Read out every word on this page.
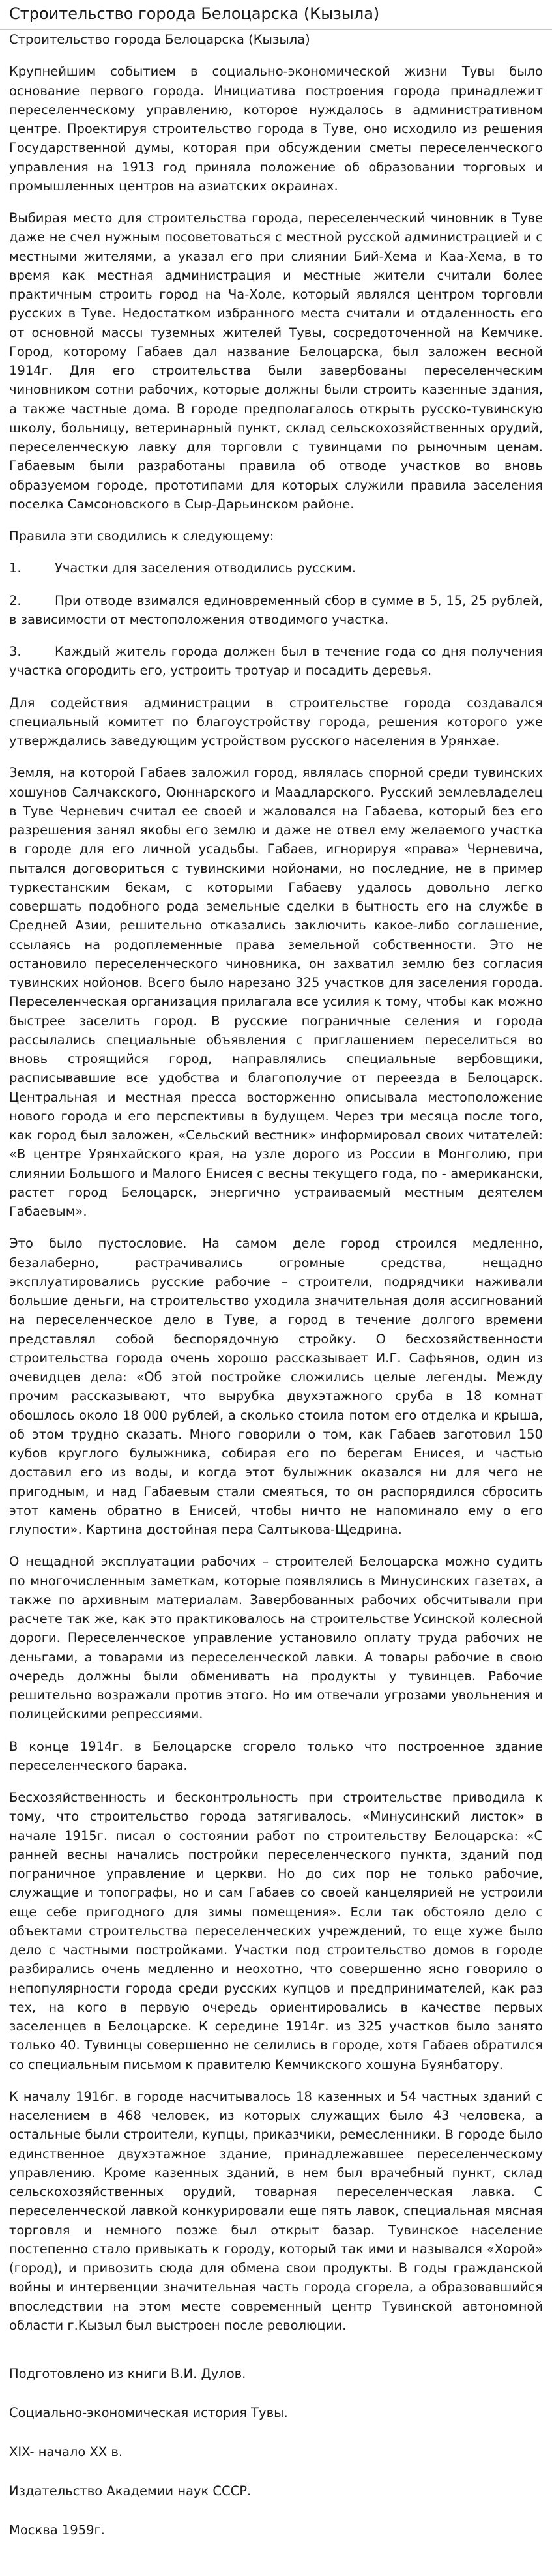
Строительство города Белоцарска (Кызыла)

Строительство города Белоцарска (Кызыла)

Крупнейшим событием в социально-экономической жизни Тувы было основание первого города. Инициатива построения города принадлежит переселенческому управлению, которое нуждалось в административном центре. Проектируя строительство города в Туве, оно исходило из решения Государственной думы, которая при обсуждении сметы переселенческого управления на 1913 год приняла положение об образовании торговых и промышленных центров на азиатских окраинах.

Выбирая место для строительства города, переселенческий чиновник в Туве даже не счел нужным посоветоваться с местной русской администрацией и с местными жителями, а указал его при слиянии Бий-Хема и Каа-Хема, в то время как местная администрация и местные жители считали более практичным строить город на Ча-Холе, который являлся центром торговли русских в Туве. Недостатком избранного места считали и отдаленность его от основной массы туземных жителей Тувы, сосредоточенной на Кемчике. Город, которому Габаев дал название Белоцарска, был заложен весной 1914г. Для его строительства были завербованы переселенческим чиновником сотни рабочих, которые должны были строить казенные здания, а также частные дома. В городе предполагалось открыть русско-тувинскую школу, больницу, ветеринарный пункт, склад сельскохозяйственных орудий, переселенческую лавку для торговли с тувинцами по рыночным ценам. Габаевым были разработаны правила об отводе участков во вновь образуемом городе, прототипами для которых служили правила заселения поселка Самсоновского в Сыр-Дарьинском районе.

Правила эти сводились к следующему:

1.	Участки для заселения отводились русским.
2.	При отводе взимался единовременный сбор в сумме в 5, 15, 25 рублей, в зависимости от местоположения отводимого участка.
3.	Каждый житель города должен был в течение года со дня получения участка огородить его, устроить тротуар и посадить деревья.

Для содействия администрации в строительстве города создавался специальный комитет по благоустройству города, решения которого уже утверждались заведующим устройством русского населения в Урянхае.

Земля, на которой Габаев заложил город, являлась спорной среди тувинских хошунов Салчакского, Оюннарского и Маадларского. Русский землевладелец в Туве Черневич считал ее своей и жаловался на Габаева, который без его разрешения занял якобы его землю и даже не отвел ему желаемого участка в городе для его личной усадьбы. Габаев, игнорируя «права» Черневича, пытался договориться с тувинскими нойонами, но последние, не в пример туркестанским бекам, с которыми Габаеву удалось довольно легко совершать подобного рода земельные сделки в бытность его на службе в Средней Азии, решительно отказались заключить какое-либо соглашение, ссылаясь на родоплеменные права земельной собственности. Это не остановило переселенческого чиновника, он захватил землю без согласия тувинских нойонов. Всего было нарезано 325 участков для заселения города. Переселенческая организация прилагала все усилия к тому, чтобы как можно быстрее заселить город. В русские пограничные селения и города рассылались специальные объявления с приглашением переселиться во вновь строящийся город, направлялись специальные вербовщики, расписывавшие все удобства и благополучие от переезда в Белоцарск. Центральная и местная пресса восторженно описывала местоположение нового города и его перспективы в будущем. Через три месяца после того, как город был заложен, «Сельский вестник» информировал своих читателей: «В центре Урянхайского края, на узле дорого из России в Монголию, при слиянии Большого и Малого Енисея с весны текущего года, по - американски, растет город Белоцарск, энергично устраиваемый местным деятелем Габаевым».

Это было пустословие. На самом деле город строился медленно, безалаберно, растрачивались огромные средства, нещадно эксплуатировались русские рабочие – строители, подрядчики наживали большие деньги, на строительство уходила значительная доля ассигнований на переселенческое дело в Туве, а город в течение долгого времени представлял собой беспорядочную стройку. О бесхозяйственности строительства города очень хорошо рассказывает И.Г. Сафьянов, один из очевидцев дела: «Об этой постройке сложились целые легенды. Между прочим рассказывают, что вырубка двухэтажного сруба в 18 комнат обошлось около 18 000 рублей, а сколько стоила потом его отделка и крыша, об этом трудно сказать. Много говорили о том, как Габаев заготовил 150 кубов круглого булыжника, собирая его по берегам Енисея, и частью доставил его из воды, и когда этот булыжник оказался ни для чего не пригодным, и над Габаевым стали смеяться, то он распорядился сбросить этот камень обратно в Енисей, чтобы ничто не напоминало ему о его глупости». Картина достойная пера Салтыкова-Щедрина.

О нещадной эксплуатации рабочих – строителей Белоцарска можно судить по многочисленным заметкам, которые появлялись в Минусинских газетах, а также по архивным материалам. Завербованных рабочих обсчитывали при расчете так же, как это практиковалось на строительстве Усинской колесной дороги. Переселенческое управление установило оплату труда рабочих не деньгами, а товарами из переселенческой лавки. А товары рабочие в свою очередь должны были обменивать на продукты у тувинцев. Рабочие решительно возражали против этого. Но им отвечали угрозами увольнения и полицейскими репрессиями.

В конце 1914г. в Белоцарске сгорело только что построенное здание переселенческого барака.

Бесхозяйственность и бесконтрольность при строительстве приводила к тому, что строительство города затягивалось. «Минусинский листок» в начале 1915г. писал о состоянии работ по строительству Белоцарска: «С ранней весны начались постройки переселенческого пункта, зданий под пограничное управление и церкви. Но до сих пор не только рабочие, служащие и топографы, но и сам Габаев со своей канцелярией не устроили еще себе пригодного для зимы помещения». Если так обстояло дело с объектами строительства переселенческих учреждений, то еще хуже было дело с частными постройками. Участки под строительство домов в городе разбирались очень медленно и неохотно, что совершенно ясно говорило о непопулярности города среди русских купцов и предпринимателей, как раз тех, на кого в первую очередь ориентировались в качестве первых заселенцев в Белоцарске. К середине 1914г. из 325 участков было занято только 40. Тувинцы совершенно не селились в городе, хотя Габаев обратился со специальным письмом к правителю Кемчикского хошуна Буянбатору.

К началу 1916г. в городе насчитывалось 18 казенных и 54 частных зданий с населением в 468 человек, из которых служащих было 43 человека, а остальные были строители, купцы, приказчики, ремесленники. В городе было единственное двухэтажное здание, принадлежавшее переселенческому управлению. Кроме казенных зданий, в нем был врачебный пункт, склад сельскохозяйственных орудий, товарная переселенческая лавка. С переселенческой лавкой конкурировали еще пять лавок, специальная мясная торговля и немного позже был открыт базар. Тувинское население постепенно стало привыкать к городу, который так ими и назывался «Хорой» (город), и привозить сюда для обмена свои продукты. В годы гражданской войны и интервенции значительная часть города сгорела, а образовавшийся впоследствии на этом месте современный центр Тувинской автономной области г.Кызыл был выстроен после революции.

Подготовлено из книги В.И. Дулов.

Социально-экономическая история Тувы.

XIX- начало XX в.

Издательство Академии наук СССР.

Москва 1959г.
